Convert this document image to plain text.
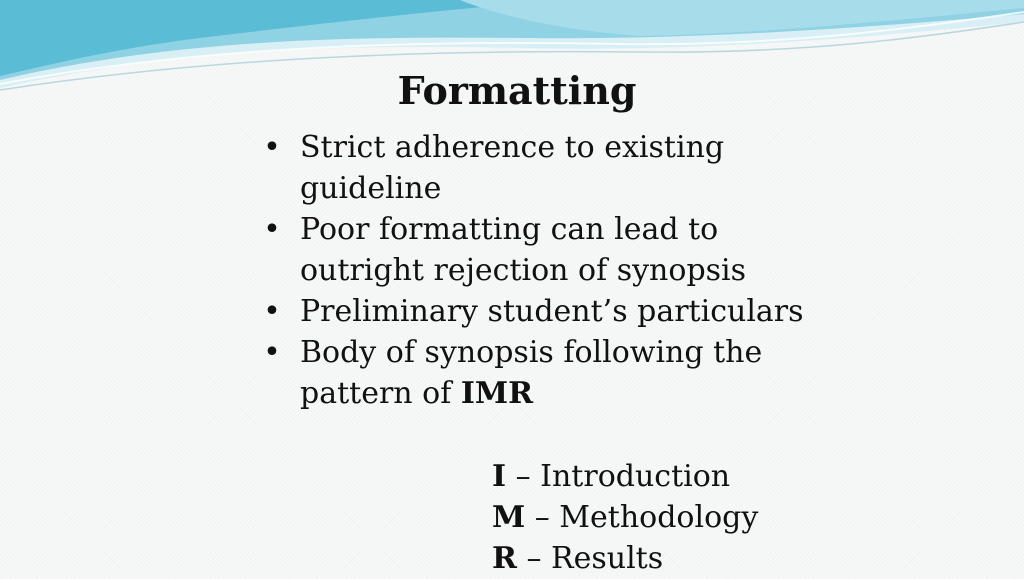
Formatting
• Strict adherence to existing guideline
• Poor formatting can lead to outright rejection of synopsis
• Preliminary student’s particulars
• Body of synopsis following the pattern of IMR
I – Introduction
M – Methodology
R – Results
